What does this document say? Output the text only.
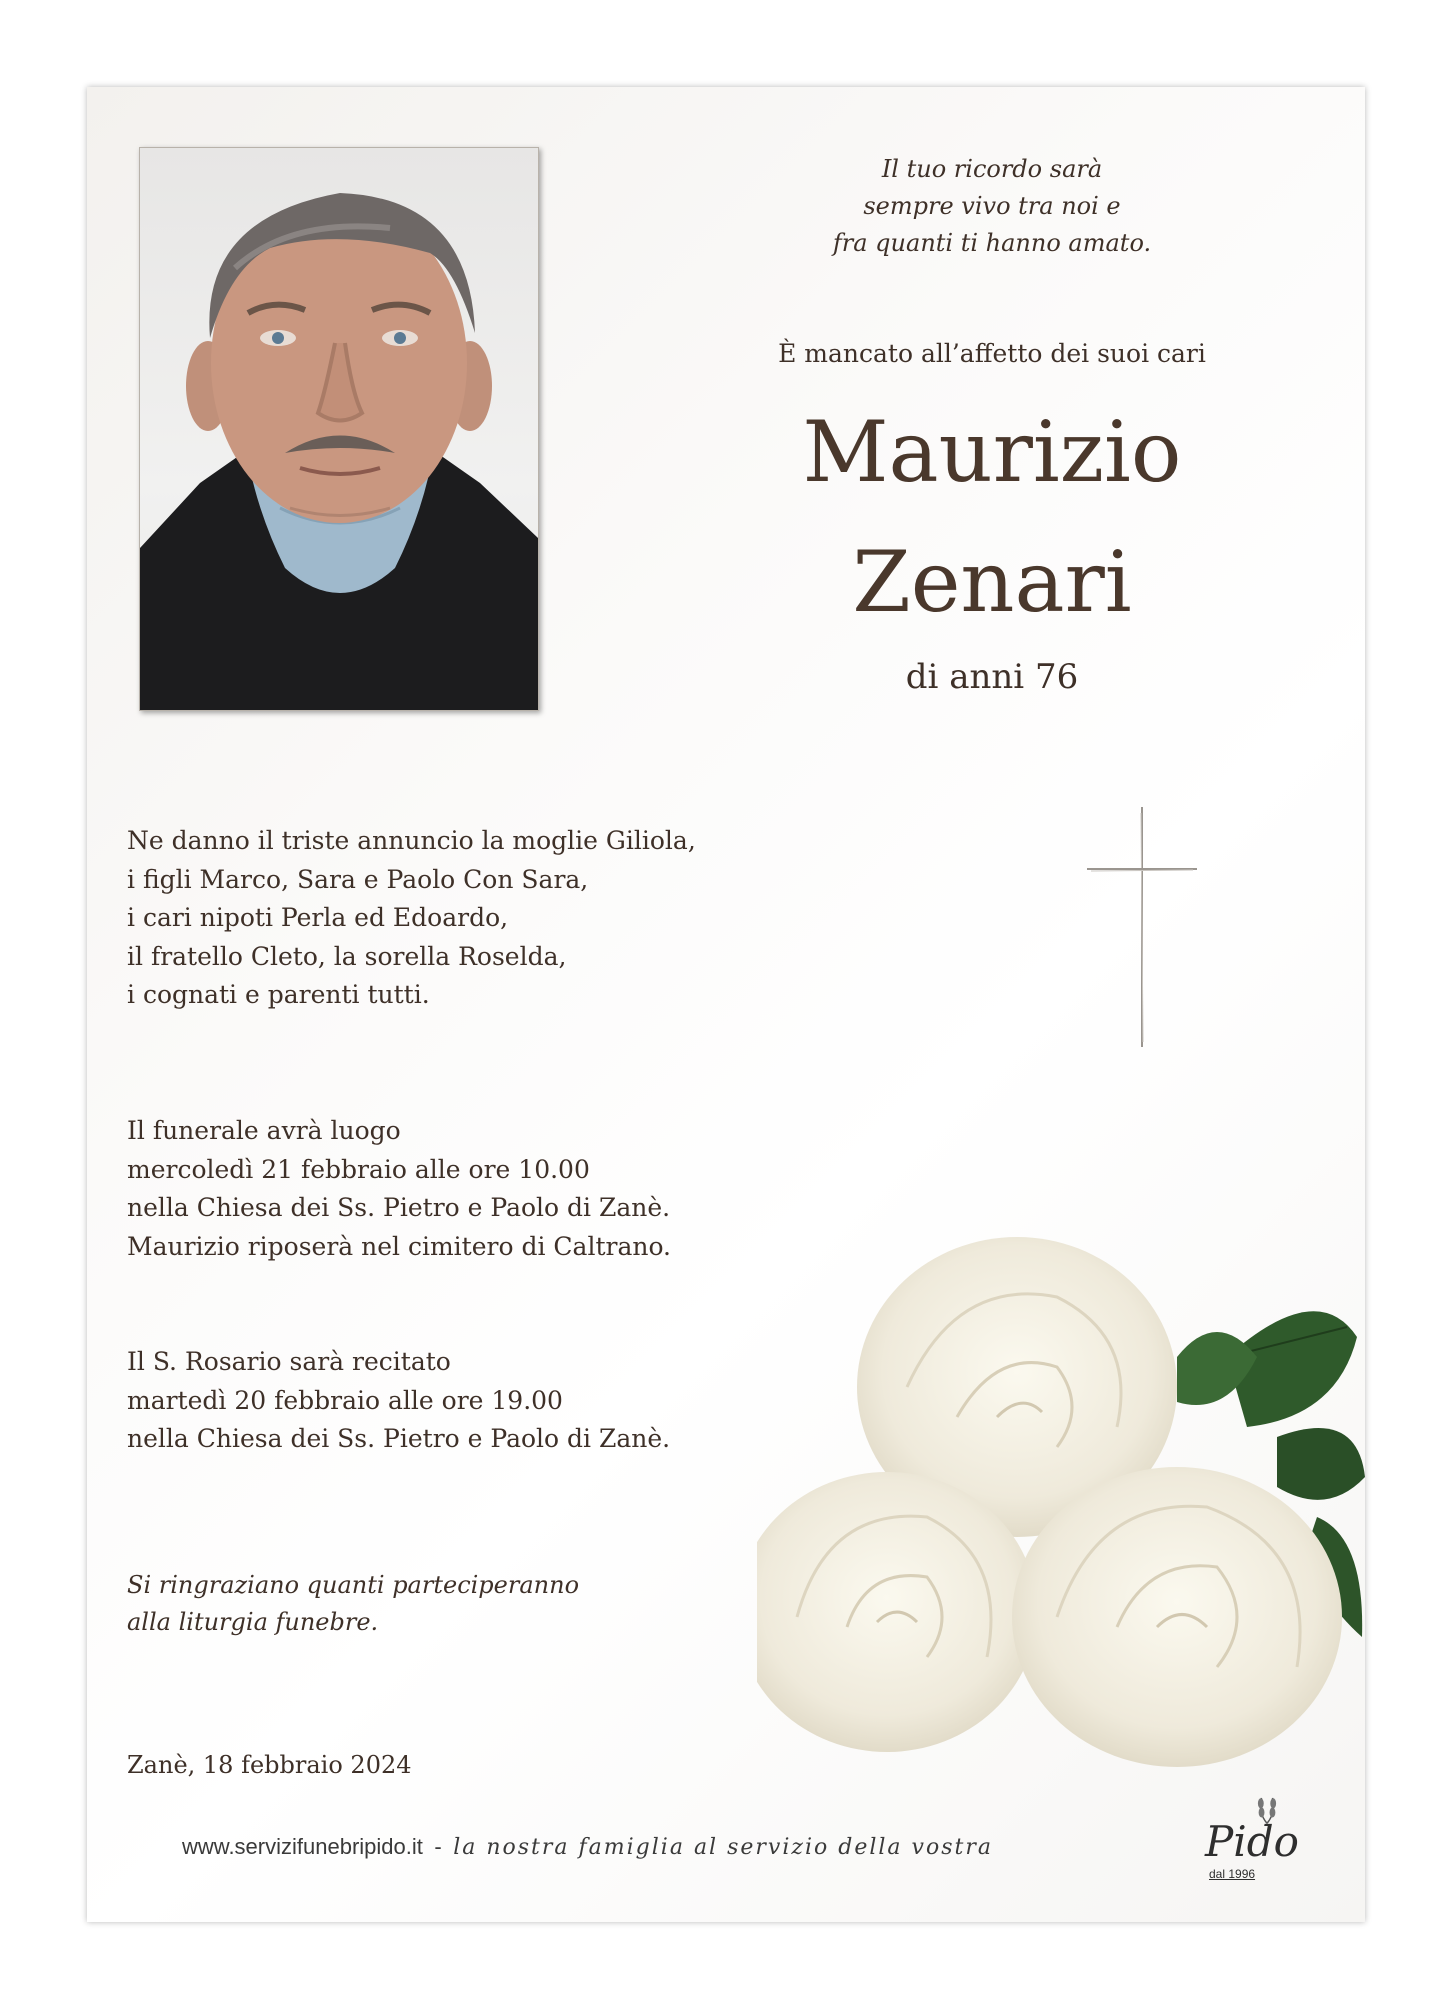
Il tuo ricordo sarà
sempre vivo tra noi e
fra quanti ti hanno amato.
È mancato all’affetto dei suoi cari
Maurizio
Zenari
di anni 76

Ne danno il triste annuncio la moglie Giliola,

i figli Marco, Sara e Paolo Con Sara,

i cari nipoti Perla ed Edoardo,

il fratello Cleto, la sorella Roselda,

i cognati e parenti tutti.

Il funerale avrà luogo

mercoledì 21 febbraio alle ore 10.00

nella Chiesa dei Ss. Pietro e Paolo di Zanè.

Maurizio riposerà nel cimitero di Caltrano.

Il S. Rosario sarà recitato

martedì 20 febbraio alle ore 19.00

nella Chiesa dei Ss. Pietro e Paolo di Zanè.

Si ringraziano quanti parteciperanno
alla liturgia funebre.
Zanè, 18 febbraio 2024
www.servizifunebripido.it - la nostra famiglia al servizio della vostra	Pido
dal 1996
